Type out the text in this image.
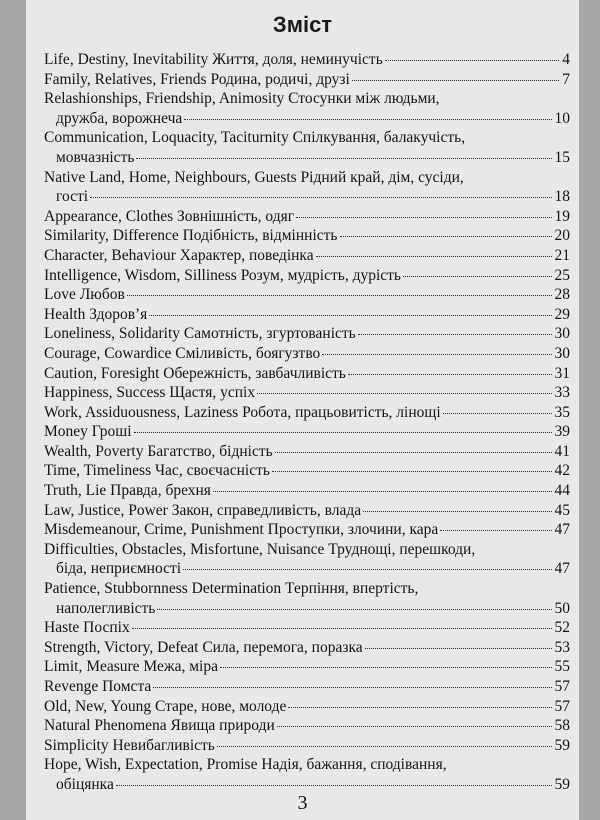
Зміст
Life, Destiny, Inevitability Життя, доля, неминучість	4
Family, Relatives, Friends Родина, родичі, друзі	7
Relashionships, Friendship, Animosity Стосунки між людьми,
дружба, ворожнеча	10
Communication, Loquacity, Taciturnity Спілкування, балакучість,
мовчазність	15
Native Land, Home, Neighbours, Guests Рідний край, дім, сусіди,
гості	18
Appearance, Clothes Зовнішність, одяг	19
Similarity, Difference Подібність, відмінність	20
Character, Behaviour Характер, поведінка	21
Intelligence, Wisdom, Silliness Розум, мудрість, дурість	25
Love Любов	28
Health Здоров’я	29
Loneliness, Solidarity Самотність, згуртованість	30
Courage, Cowardice Сміливість, боягузтво	30
Caution, Foresight Обережність, завбачливість	31
Happiness, Success Щастя, успіх	33
Work, Assiduousness, Laziness Робота, працьовитість, лінощі	35
Money Гроші	39
Wealth, Poverty Багатство, бідність	41
Time, Timeliness Час, своєчасність	42
Truth, Lie Правда, брехня	44
Law, Justice, Power Закон, справедливість, влада	45
Misdemeanour, Crime, Punishment Проступки, злочини, кара	47
Difficulties, Obstacles, Misfortune, Nuisance Труднощі, перешкоди,
біда, неприємності	47
Patience, Stubbornness Determination Терпіння, впертість,
наполегливість	50
Haste Поспіх	52
Strength, Victory, Defeat Сила, перемога, поразка	53
Limit, Measure Межа, міра	55
Revenge Помста	57
Old, New, Young Старе, нове, молоде	57
Natural Phenomena Явища природи	58
Simplicity Невибагливість	59
Hope, Wish, Expectation, Promise Надія, бажання, сподівання,
обіцянка	59
3
